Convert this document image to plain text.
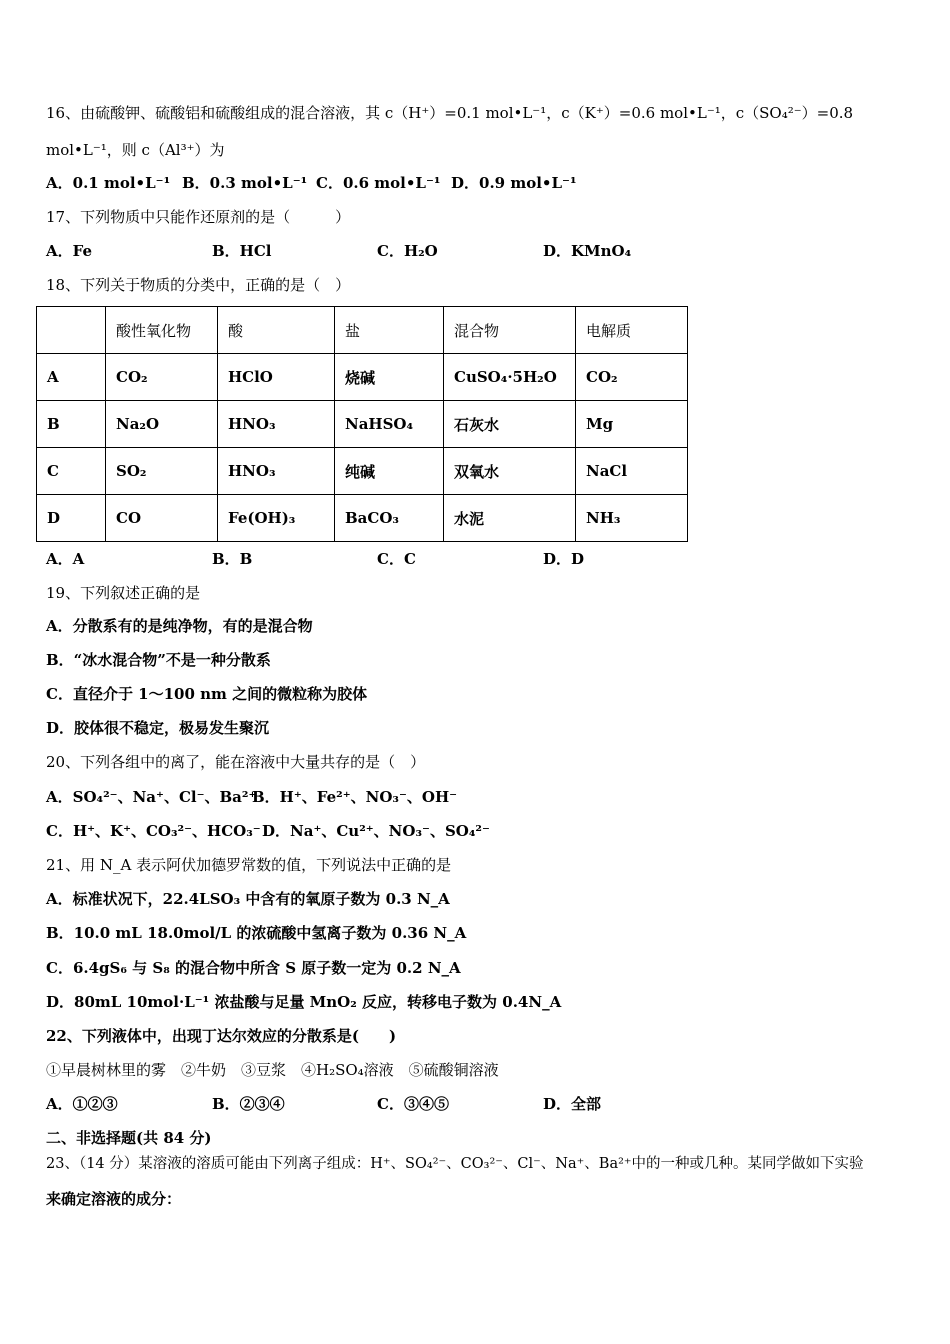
16、由硫酸钾、硫酸铝和硫酸组成的混合溶液，其 c（H⁺）=0.1 mol•L⁻¹，c（K⁺）=0.6 mol•L⁻¹，c（SO₄²⁻）=0.8
mol•L⁻¹，则 c（Al³⁺）为
A．0.1 mol•L⁻¹ B．0.3 mol•L⁻¹ C．0.6 mol•L⁻¹ D．0.9 mol•L⁻¹
17、下列物质中只能作还原剂的是（　　　）
A．Fe	B．HCl	C．H₂O	D．KMnO₄
18、下列关于物质的分类中，正确的是（　）
	酸性氧化物	酸	盐	混合物	电解质
A	CO₂	HClO	烧碱	CuSO₄·5H₂O	CO₂
B	Na₂O	HNO₃	NaHSO₄	石灰水	Mg
C	SO₂	HNO₃	纯碱	双氧水	NaCl
D	CO	Fe(OH)₃	BaCO₃	水泥	NH₃
A．A	B．B	C．C	D．D
19、下列叙述正确的是
A．分散系有的是纯净物，有的是混合物
B．“冰水混合物”不是一种分散系
C．直径介于 1～100 nm 之间的微粒称为胶体
D．胶体很不稳定，极易发生聚沉
20、下列各组中的离了，能在溶液中大量共存的是（　）
A．SO₄²⁻、Na⁺、Cl⁻、Ba²⁺
B．H⁺、Fe²⁺、NO₃⁻、OH⁻
C．H⁺、K⁺、CO₃²⁻、HCO₃⁻ D．Na⁺、Cu²⁺、NO₃⁻、SO₄²⁻
21、用 N_A 表示阿伏加德罗常数的值，下列说法中正确的是
A．标准状况下，22.4LSO₃ 中含有的氧原子数为 0.3 N_A
B．10.0 mL 18.0mol/L 的浓硫酸中氢离子数为 0.36 N_A
C．6.4gS₆ 与 S₈ 的混合物中所含 S 原子数一定为 0.2 N_A
D．80mL 10mol·L⁻¹ 浓盐酸与足量 MnO₂ 反应，转移电子数为 0.4N_A
22、下列液体中，出现丁达尔效应的分散系是(　　)
①早晨树林里的雾　②牛奶　③豆浆　④H₂SO₄溶液　⑤硫酸铜溶液
A．①②③	B．②③④	C．③④⑤	D．全部
二、非选择题(共 84 分)
23、（14 分）某溶液的溶质可能由下列离子组成：H⁺、SO₄²⁻、CO₃²⁻、Cl⁻、Na⁺、Ba²⁺中的一种或几种。某同学做如下实验
来确定溶液的成分：
